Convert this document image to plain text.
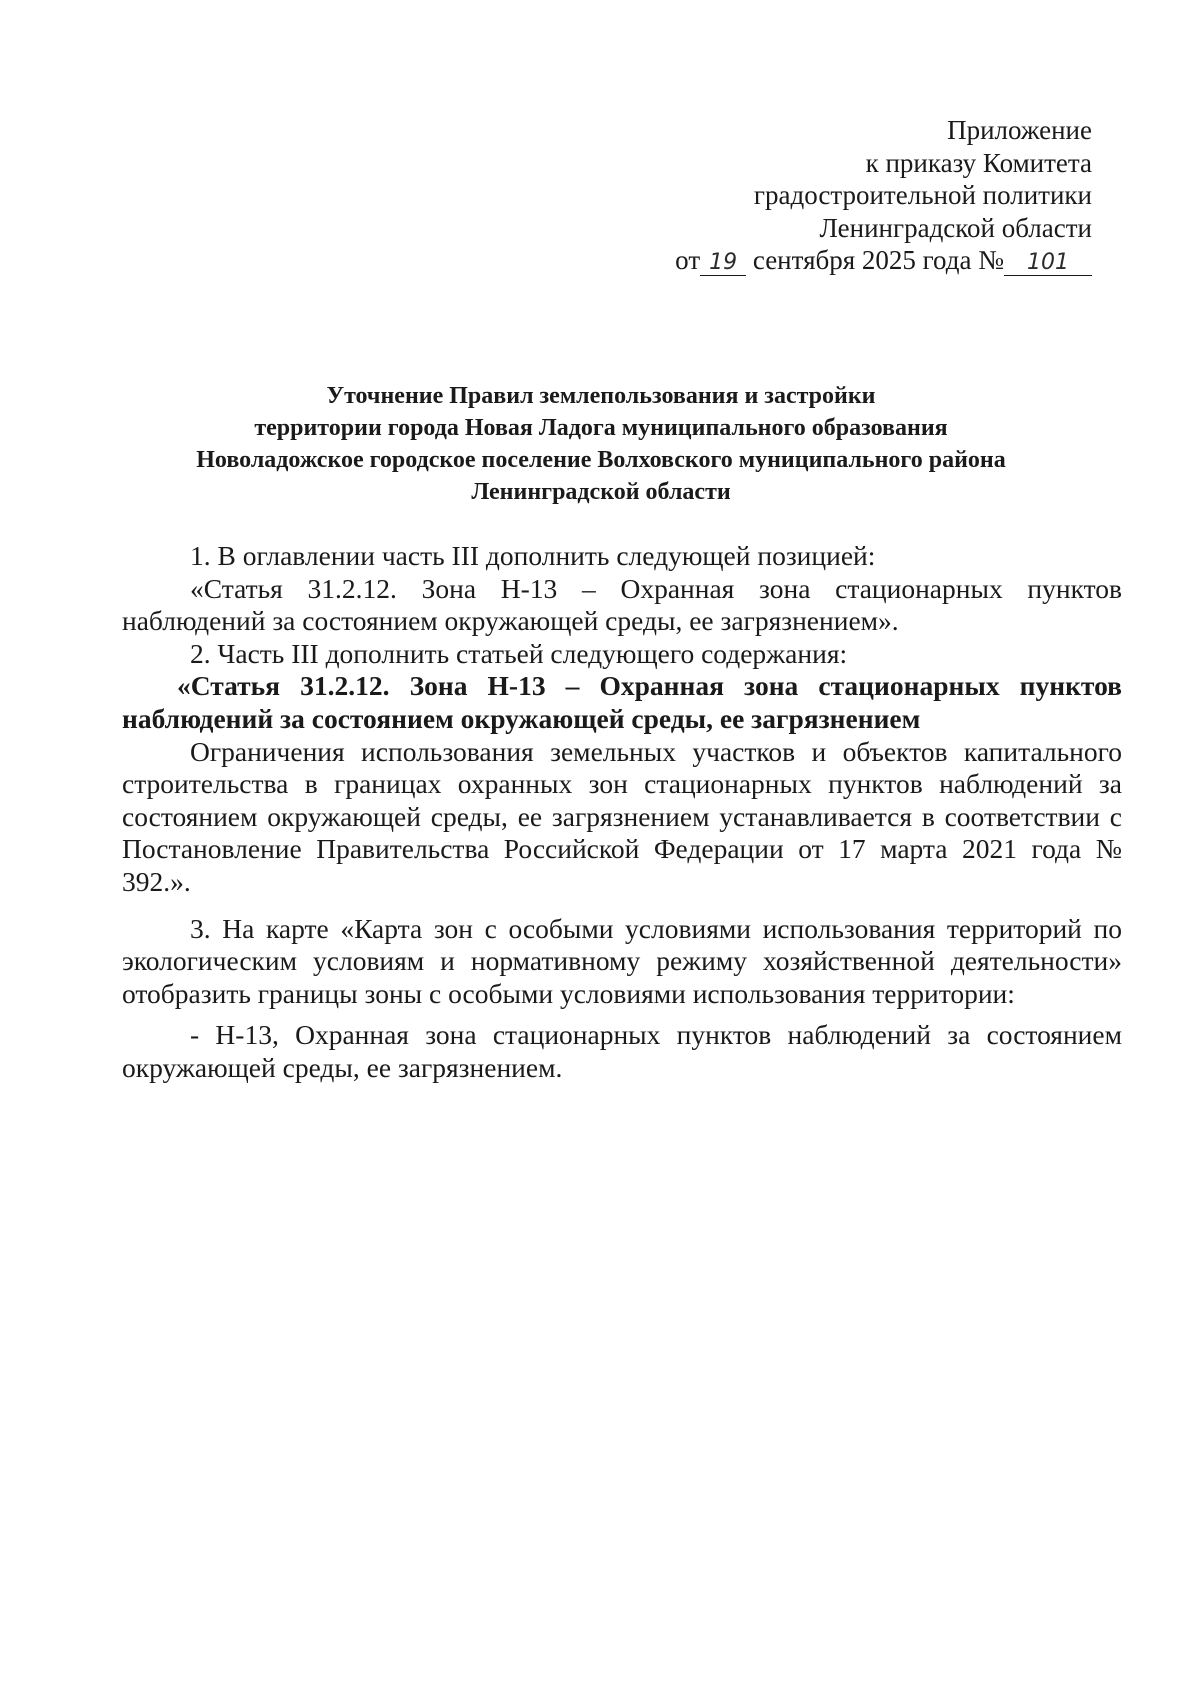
Приложение
к приказу Комитета
градостроительной политики
Ленинградской области
от 19 сентября 2025 года № 101
Уточнение Правил землепользования и застройки
территории города Новая Ладога муниципального образования
Новоладожское городское поселение Волховского муниципального района
Ленинградской области

1. В оглавлении часть III дополнить следующей позицией:

«Статья 31.2.12. Зона Н-13 – Охранная зона стационарных пунктов наблюдений за состоянием окружающей среды, ее загрязнением».

2. Часть III дополнить статьей следующего содержания:

«Статья 31.2.12. Зона Н-13 – Охранная зона стационарных пунктов наблюдений за состоянием окружающей среды, ее загрязнением

Ограничения использования земельных участков и объектов капитального строительства в границах охранных зон стационарных пунктов наблюдений за состоянием окружающей среды, ее загрязнением устанавливается в соответствии с Постановление Правительства Российской Федерации от 17 марта 2021 года № 392.».

3. На карте «Карта зон с особыми условиями использования территорий по экологическим условиям и нормативному режиму хозяйственной деятельности» отобразить границы зоны с особыми условиями использования территории:

- Н-13, Охранная зона стационарных пунктов наблюдений за состоянием окружающей среды, ее загрязнением.
